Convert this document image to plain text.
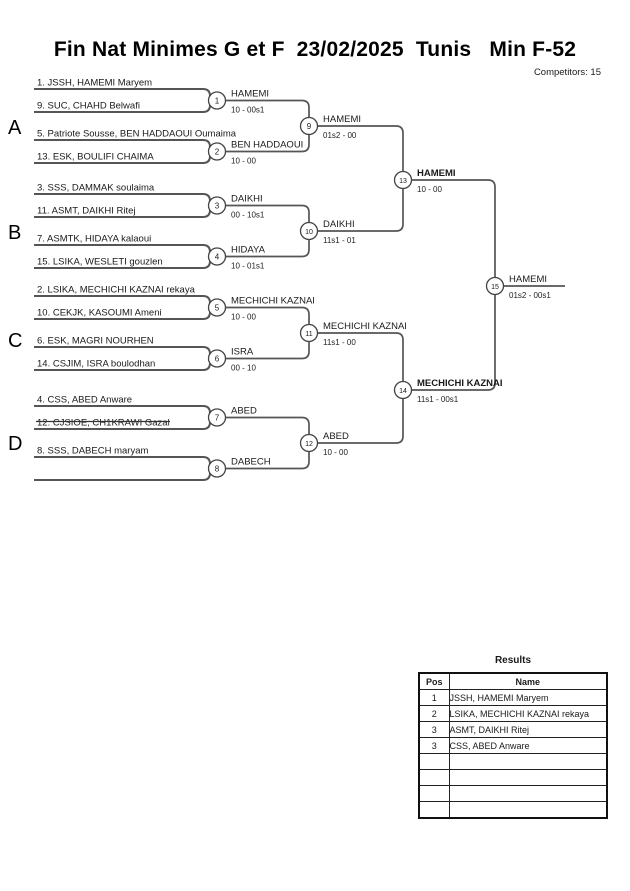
Fin Nat Minimes G et F  23/02/2025  Tunis   Min F-52
Competitors: 15
A
B
C
D
1. JSSH, HAMEMI Maryem
9. SUC, CHAHD Belwafi
5. Patriote Sousse, BEN HADDAOUI Oumaima
13. ESK, BOULIFI CHAIMA
3. SSS, DAMMAK soulaima
11. ASMT, DAIKHI Ritej
7. ASMTK, HIDAYA kalaoui
15. LSIKA, WESLETI gouzlen
2. LSIKA, MECHICHI KAZNAI rekaya
10. CEKJK, KASOUMI Ameni
6. ESK, MAGRI NOURHEN
14. CSJIM, ISRA boulodhan
4. CSS, ABED Anware
12. CJSIOE, CH1KRAWI Gazal
8. SSS, DABECH maryam
HAMEMI
10 - 00s1
BEN HADDAOUI
10 - 00
DAIKHI
00 - 10s1
HIDAYA
10 - 01s1
MECHICHI KAZNAI
10 - 00
ISRA
00 - 10
ABED
DABECH
HAMEMI
01s2 - 00
DAIKHI
11s1 - 01
MECHICHI KAZNAI
11s1 - 00
ABED
10 - 00
HAMEMI
10 - 00
MECHICHI KAZNAI
11s1 - 00s1
HAMEMI
01s2 - 00s1
1
2
3
4
5
6
7
8
9
10
11
12
13
14
15
Results
Pos	Name
1	JSSH, HAMEMI Maryem
2	LSIKA, MECHICHI KAZNAI rekaya
3	ASMT, DAIKHI Ritej
3	CSS, ABED Anware
